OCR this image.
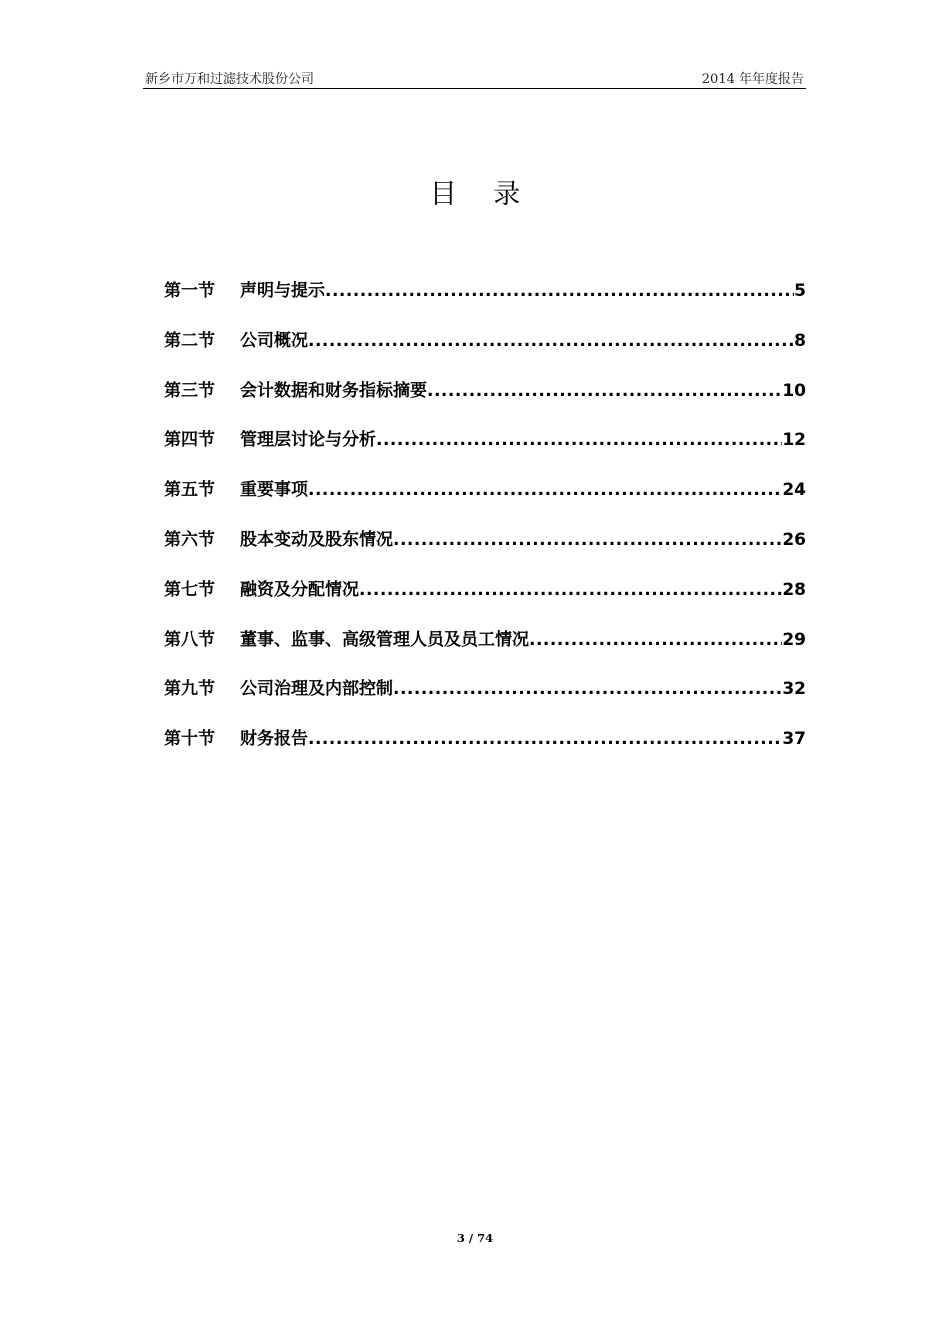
新乡市万和过滤技术股份公司	2014 年年度报告
目 录
第一节	声明与提示 .....	5
第二节	公司概况 .....	8
第三节	会计数据和财务指标摘要 .....	10
第四节	管理层讨论与分析 .....	12
第五节	重要事项 .....	24
第六节	股本变动及股东情况 .....	26
第七节	融资及分配情况 .....	28
第八节	董事、监事、高级管理人员及员工情况 .....	29
第九节	公司治理及内部控制 .....	32
第十节	财务报告 .....	37
3 / 74
